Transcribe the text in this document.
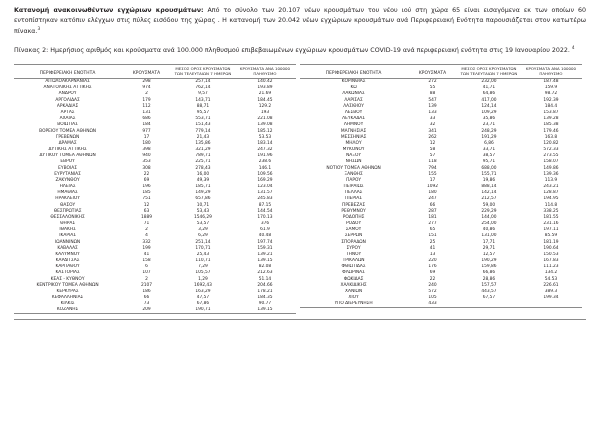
Κατανομή ανακοινωθέντων εγχώριων κρουσμάτων: Από το σύνολο των 20.107 νέων κρουσμάτων του νέου ιού στη χώρα 65 είναι εισαγόμενα εκ των οποίων 60 εντοπίστηκαν κατόπιν ελέγχων στις πύλες εισόδου της χώρας . Η κατανομή των 20.042 νέων εγχώριων κρουσμάτων ανά Περιφερειακή Ενότητα παρουσιάζεται στον κατωτέρω πίνακα.$^3$

Πίνακας 2: Ημερήσιος αριθμός και κρούσματα ανά 100.000 πληθυσμού επιβεβαιωμένων εγχώριων κρουσμάτων COVID-19 ανά περιφερειακή ενότητα στις 19 Ιανουαρίου 2022. $^4$

ΠΕΡΙΦΕΡΕΙΑΚΗ ΕΝΟΤΗΤΑ	ΚΡΟΥΣΜΑΤΑ	ΜΕΣΟΣ ΟΡΟΣ ΚΡΟΥΣΜΑΤΩΝ
ΤΩΝ ΤΕΛΕΥΤΑΙΩΝ 7 ΗΜΕΡΩΝ	ΚΡΟΥΣΜΑΤΑ ΑΝΑ 100000
ΠΛΗΘΥΣΜΟ
ΑΙΤΩΛΟΑΚΑΡΝΑΝΙΑΣ	298	257,14	140.42
ΑΝΑΤΟΛΙΚΗΣ ΑΤΤΙΚΗΣ	974	762,14	193.89
ΑΝΔΡΟΥ	2	9,57	21.69
ΑΡΓΟΛΙΔΑΣ	179	143,71	184.45
ΑΡΚΑΔΙΑΣ	112	88,71	129.2
ΑΡΤΑΣ	131	95,57	193
ΑΧΑΪΑΣ	686	553,71	221.08
ΒΟΙΩΤΙΑΣ	184	151,43	139.08
ΒΟΡΕΙΟΥ ΤΟΜΕΑ ΑΘΗΝΩΝ	977	779,14	185.12
ΓΡΕΒΕΝΩΝ	17	21,43	53.53
ΔΡΑΜΑΣ	180	135,86	183.14
ΔΥΤΙΚΗΣ ΑΤΤΙΚΗΣ	398	321,29	247.32
ΔΥΤΙΚΟΥ ΤΟΜΕΑ ΑΘΗΝΩΝ	940	789,71	191.96
ΕΒΡΟΥ	353	225,71	238.6
ΕΥΒΟΙΑΣ	308	278,43	146.1
ΕΥΡΥΤΑΝΙΑΣ	22	16,00	109.56
ΖΑΚΥΝΘΟΥ	69	49,39	169.29
ΗΛΕΙΑΣ	196	185,71	123.04
ΗΜΑΘΙΑΣ	185	149,29	131.57
ΗΡΑΚΛΕΙΟΥ	751	657,86	245.83
ΘΑΣΟΥ	12	10,71	87.15
ΘΕΣΠΡΩΤΙΑΣ	63	53,43	144.54
ΘΕΣΣΑΛΟΝΙΚΗΣ	1889	1546,29	170.13
ΘΗΡΑΣ	71	53,57	376
ΙΘΑΚΗΣ	2	3,29	61.9
ΙΚΑΡΙΑΣ	4	6,29	40.48
ΙΩΑΝΝΙΝΩΝ	332	251,14	197.74
ΚΑΒΑΛΑΣ	199	170,71	159.31
ΚΑΛΥΜΝΟΥ	41	25,43	139.21
ΚΑΡΔΙΤΣΑΣ	158	110,71	139.15
ΚΑΡΠΑΘΟΥ	6	7,29	82.08
ΚΑΣΤΟΡΙΑΣ	107	105,57	212.63
ΚΕΑΣ - ΚΥΘΝΟΥ	2	1,29	51.14
ΚΕΝΤΡΙΚΟΥ ΤΟΜΕΑ ΑΘΗΝΩΝ	2107	1692,43	204.66
ΚΕΡΚΥΡΑΣ	186	163,29	178.21
ΚΕΦΑΛΛΗΝΙΑΣ	66	47,57	184.35
ΚΙΛΚΙΣ	73	67,86	90.77
ΚΟΖΑΝΗΣ	209	190,71	139.15
ΠΕΡΙΦΕΡΕΙΑΚΗ ΕΝΟΤΗΤΑ	ΚΡΟΥΣΜΑΤΑ	ΜΕΣΟΣ ΟΡΟΣ ΚΡΟΥΣΜΑΤΩΝ
ΤΩΝ ΤΕΛΕΥΤΑΙΩΝ 7 ΗΜΕΡΩΝ	ΚΡΟΥΣΜΑΤΑ ΑΝΑ 100000
ΠΛΗΘΥΣΜΟ
ΚΟΡΙΝΘΙΑΣ	272	232,00	187.48
ΚΩ	55	41,71	159.9
ΛΑΚΩΝΙΑΣ	88	64,86	98.72
ΛΑΡΙΣΑΣ	547	417,00	192.39
ΛΑΣΙΘΙΟΥ	139	124,14	184.4
ΛΕΣΒΟΥ	133	109,29	153.87
ΛΕΥΚΑΔΑΣ	33	35,86	139.28
ΛΗΜΝΟΥ	32	23,71	185.38
ΜΑΓΝΗΣΙΑΣ	341	248,29	179.46
ΜΕΣΣΗΝΙΑΣ	262	191,29	163.8
ΜΗΛΟΥ	12	6,86	120.82
ΜΥΚΟΝΟΥ	58	33,71	572.33
ΝΑΞΟΥ	57	38,57	273.55
ΝΗΣΩΝ	118	95,71	158.07
ΝΟΤΙΟΥ ΤΟΜΕΑ ΑΘΗΝΩΝ	794	688,00	149.86
ΞΑΝΘΗΣ	155	155,71	139.36
ΠΑΡΟΥ	17	19,86	113.9
ΠΕΙΡΑΙΩΣ	1092	888,14	243.21
ΠΕΛΛΑΣ	180	142,14	128.87
ΠΙΕΡΙΑΣ	247	212,57	194.95
ΠΡΕΒΕΖΑΣ	66	59,00	114.8
ΡΕΘΥΜΝΟΥ	287	229,29	338.25
ΡΟΔΟΠΗΣ	181	144,00	181.55
ΡΟΔΟΥ	277	254,00	231.16
ΣΑΜΟΥ	65	40,86	197.11
ΣΕΡΡΩΝ	151	131,00	85.59
ΣΠΟΡΑΔΩΝ	25	17,71	181.19
ΣΥΡΟΥ	41	29,71	190.64
ΤΗΝΟΥ	13	12,57	150.53
ΤΡΙΚΑΛΩΝ	220	190,29	167.83
ΦΘΙΩΤΙΔΑΣ	176	159,86	111.23
ΦΛΩΡΙΝΑΣ	69	66,86	134.2
ΦΩΚΙΔΑΣ	22	28,86	54.53
ΧΑΛΚΙΔΙΚΗΣ	240	157,57	226.61
ΧΑΝΙΩΝ	572	443,57	389.3
ΧΙΟΥ	105	67,57	199.34
ΥΠΟ ΔΙΕΡΕΥΝΗΣΗ	433		
